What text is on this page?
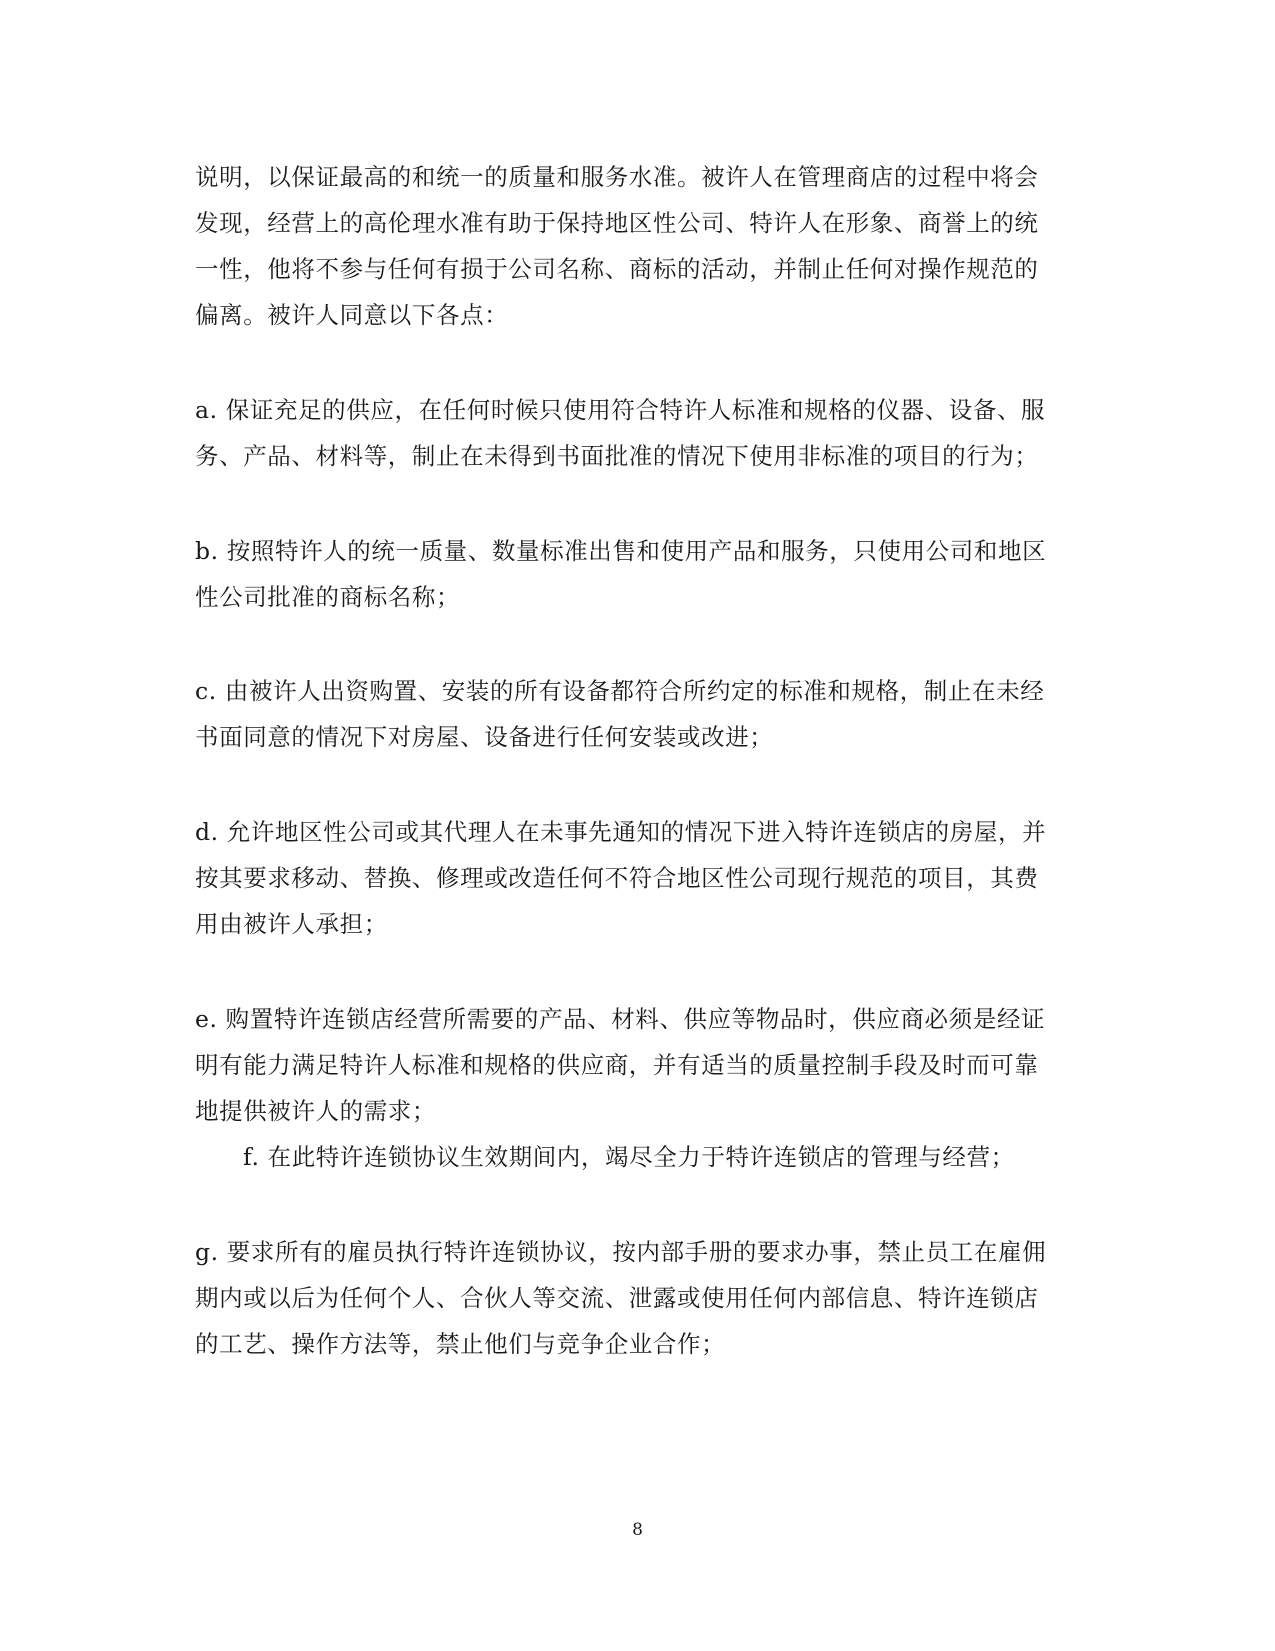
说明，以保证最高的和统一的质量和服务水准。被许人在管理商店的过程中将会
发现，经营上的高伦理水准有助于保持地区性公司、特许人在形象、商誉上的统
一性，他将不参与任何有损于公司名称、商标的活动，并制止任何对操作规范的
偏离。被许人同意以下各点：
a. 保证充足的供应，在任何时候只使用符合特许人标准和规格的仪器、设备、服
务、产品、材料等，制止在未得到书面批准的情况下使用非标准的项目的行为；
b. 按照特许人的统一质量、数量标准出售和使用产品和服务，只使用公司和地区
性公司批准的商标名称；
c. 由被许人出资购置、安装的所有设备都符合所约定的标准和规格，制止在未经
书面同意的情况下对房屋、设备进行任何安装或改进；
d. 允许地区性公司或其代理人在未事先通知的情况下进入特许连锁店的房屋，并
按其要求移动、替换、修理或改造任何不符合地区性公司现行规范的项目，其费
用由被许人承担；
e. 购置特许连锁店经营所需要的产品、材料、供应等物品时，供应商必须是经证
明有能力满足特许人标准和规格的供应商，并有适当的质量控制手段及时而可靠
地提供被许人的需求；
f. 在此特许连锁协议生效期间内，竭尽全力于特许连锁店的管理与经营；
g. 要求所有的雇员执行特许连锁协议，按内部手册的要求办事，禁止员工在雇佣
期内或以后为任何个人、合伙人等交流、泄露或使用任何内部信息、特许连锁店
的工艺、操作方法等，禁止他们与竞争企业合作；
8
